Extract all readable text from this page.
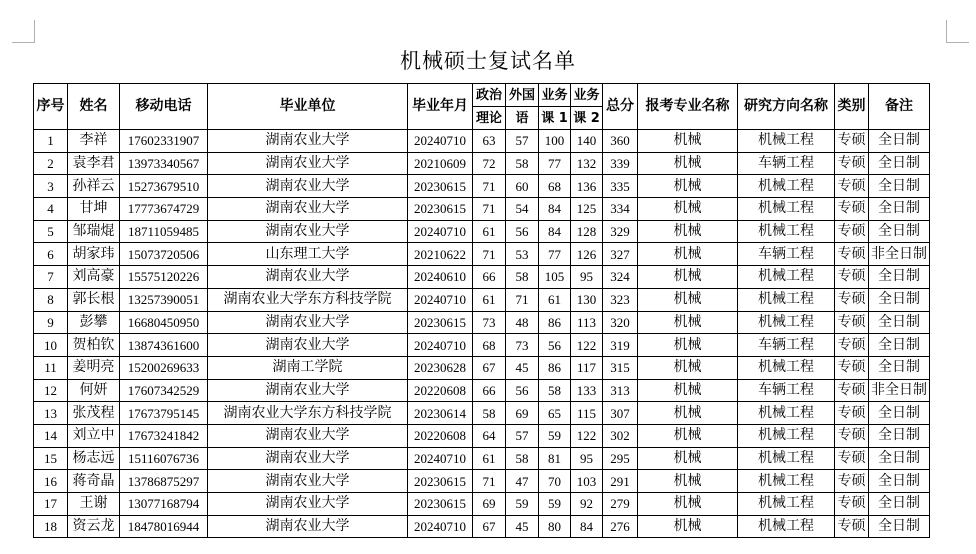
机械硕士复试名单
序号	姓名	移动电话	毕业单位	毕业年月	政治	外国	业务	业务	总分	报考专业名称	研究方向名称	类别	备注
					理论	语	课 1	课 2					
1	李祥	17602331907	湖南农业大学	20240710	63	57	100	140	360	机械	机械工程	专硕	全日制
2	袁李君	13973340567	湖南农业大学	20210609	72	58	77	132	339	机械	车辆工程	专硕	全日制
3	孙祥云	15273679510	湖南农业大学	20230615	71	60	68	136	335	机械	机械工程	专硕	全日制
4	甘坤	17773674729	湖南农业大学	20230615	71	54	84	125	334	机械	机械工程	专硕	全日制
5	邹瑞焜	18711059485	湖南农业大学	20240710	61	56	84	128	329	机械	机械工程	专硕	全日制
6	胡家玮	15073720506	山东理工大学	20210622	71	53	77	126	327	机械	车辆工程	专硕	非全日制
7	刘高豪	15575120226	湖南农业大学	20240610	66	58	105	95	324	机械	机械工程	专硕	全日制
8	郭长根	13257390051	湖南农业大学东方科技学院	20240710	61	71	61	130	323	机械	机械工程	专硕	全日制
9	彭攀	16680450950	湖南农业大学	20230615	73	48	86	113	320	机械	机械工程	专硕	全日制
10	贺柏钦	13874361600	湖南农业大学	20240710	68	73	56	122	319	机械	车辆工程	专硕	全日制
11	姜明亮	15200269633	湖南工学院	20230628	67	45	86	117	315	机械	机械工程	专硕	全日制
12	何妍	17607342529	湖南农业大学	20220608	66	56	58	133	313	机械	车辆工程	专硕	非全日制
13	张茂程	17673795145	湖南农业大学东方科技学院	20230614	58	69	65	115	307	机械	机械工程	专硕	全日制
14	刘立中	17673241842	湖南农业大学	20220608	64	57	59	122	302	机械	机械工程	专硕	全日制
15	杨志远	15116076736	湖南农业大学	20240710	61	58	81	95	295	机械	机械工程	专硕	全日制
16	蒋奇晶	13786875297	湖南农业大学	20230615	71	47	70	103	291	机械	机械工程	专硕	全日制
17	王谢	13077168794	湖南农业大学	20230615	69	59	59	92	279	机械	机械工程	专硕	全日制
18	资云龙	18478016944	湖南农业大学	20240710	67	45	80	84	276	机械	机械工程	专硕	全日制
